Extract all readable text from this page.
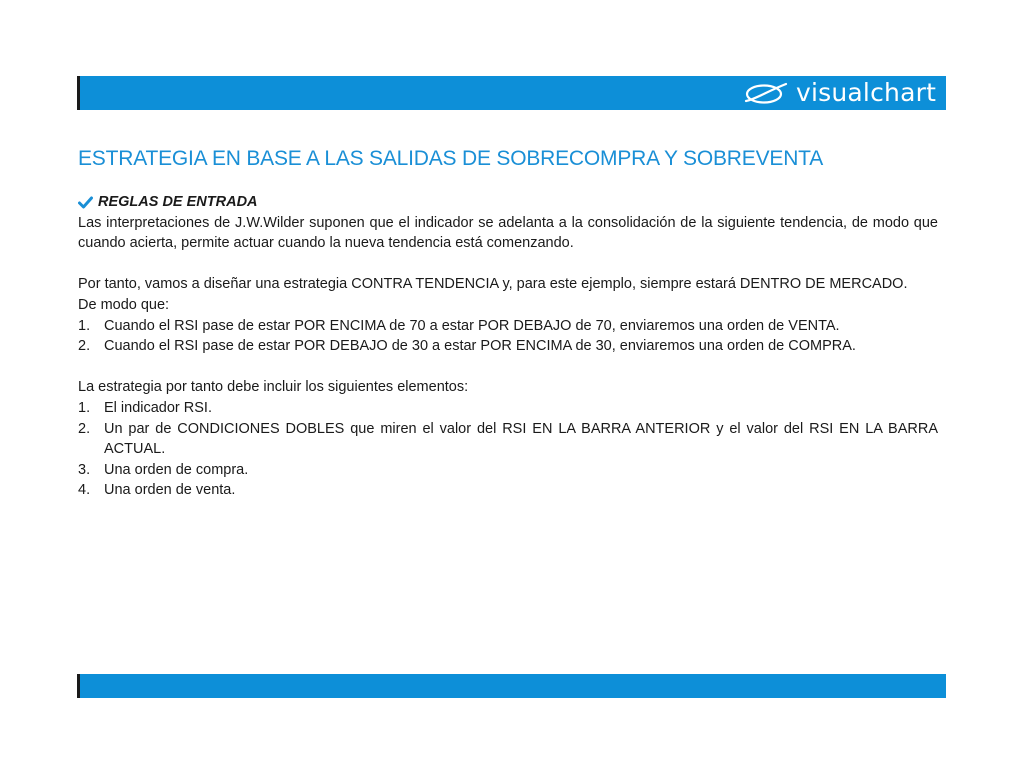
visualchart
ESTRATEGIA EN BASE A LAS SALIDAS DE SOBRECOMPRA Y SOBREVENTA
REGLAS DE ENTRADA

Las interpretaciones de J.W.Wilder suponen que el indicador se adelanta a la consolidación de la siguiente tendencia, de modo que cuando acierta, permite actuar cuando la nueva tendencia está comenzando.

Por tanto, vamos a diseñar una estrategia CONTRA TENDENCIA y, para este ejemplo, siempre estará DENTRO DE MERCADO.

De modo que:

1. Cuando el RSI pase de estar POR ENCIMA de 70 a estar POR DEBAJO de 70, enviaremos una orden de VENTA.
2. Cuando el RSI pase de estar POR DEBAJO de 30 a estar POR ENCIMA de 30, enviaremos una orden de COMPRA.

La estrategia por tanto debe incluir los siguientes elementos:

1. El indicador RSI.
2. Un par de CONDICIONES DOBLES que miren el valor del RSI EN LA BARRA ANTERIOR y el valor del RSI EN LA BARRA ACTUAL.
3. Una orden de compra.
4. Una orden de venta.
